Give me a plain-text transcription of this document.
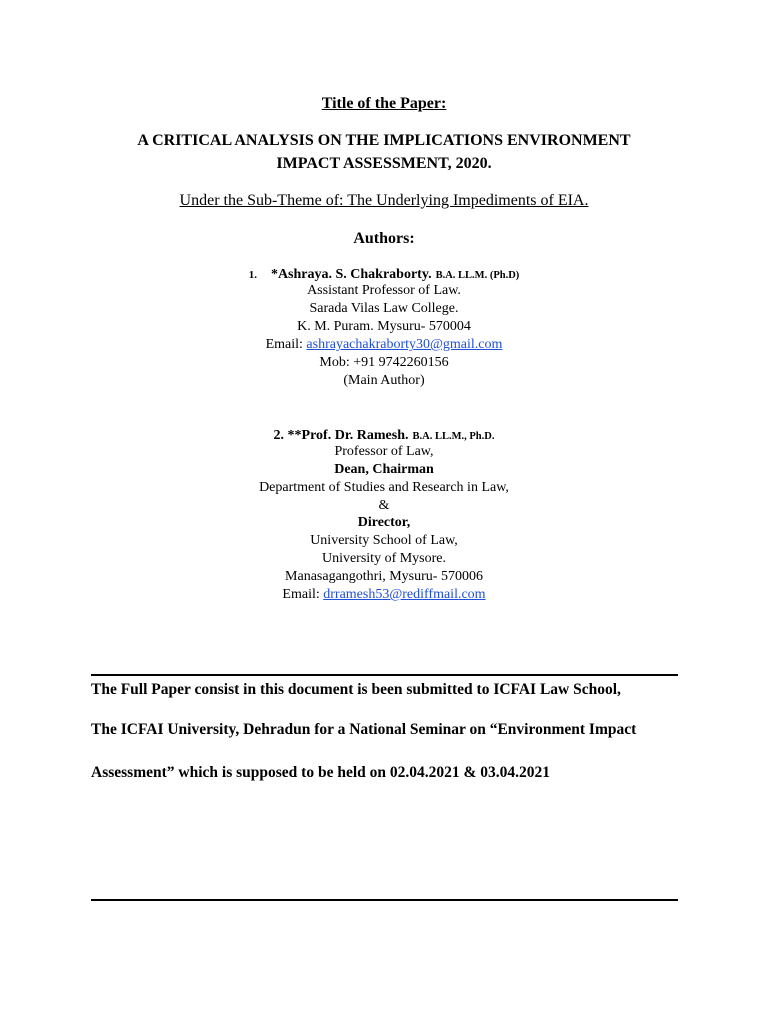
Title of the Paper:
A CRITICAL ANALYSIS ON THE IMPLICATIONS ENVIRONMENT
IMPACT ASSESSMENT, 2020.
Under the Sub-Theme of: The Underlying Impediments of EIA.
Authors:
1. *Ashraya. S. Chakraborty. B.A. LL.M. (Ph.D)
Assistant Professor of Law.
Sarada Vilas Law College.
K. M. Puram. Mysuru- 570004
Email: ashrayachakraborty30@gmail.com
Mob: +91 9742260156
(Main Author)
2. **Prof. Dr. Ramesh. B.A. LL.M., Ph.D.
Professor of Law,
Dean, Chairman
Department of Studies and Research in Law,
&
Director,
University School of Law,
University of Mysore.
Manasagangothri, Mysuru- 570006
Email: drramesh53@rediffmail.com
The Full Paper consist in this document is been submitted to ICFAI Law School,
The ICFAI University, Dehradun for a National Seminar on “Environment Impact
Assessment” which is supposed to be held on 02.04.2021 & 03.04.2021
